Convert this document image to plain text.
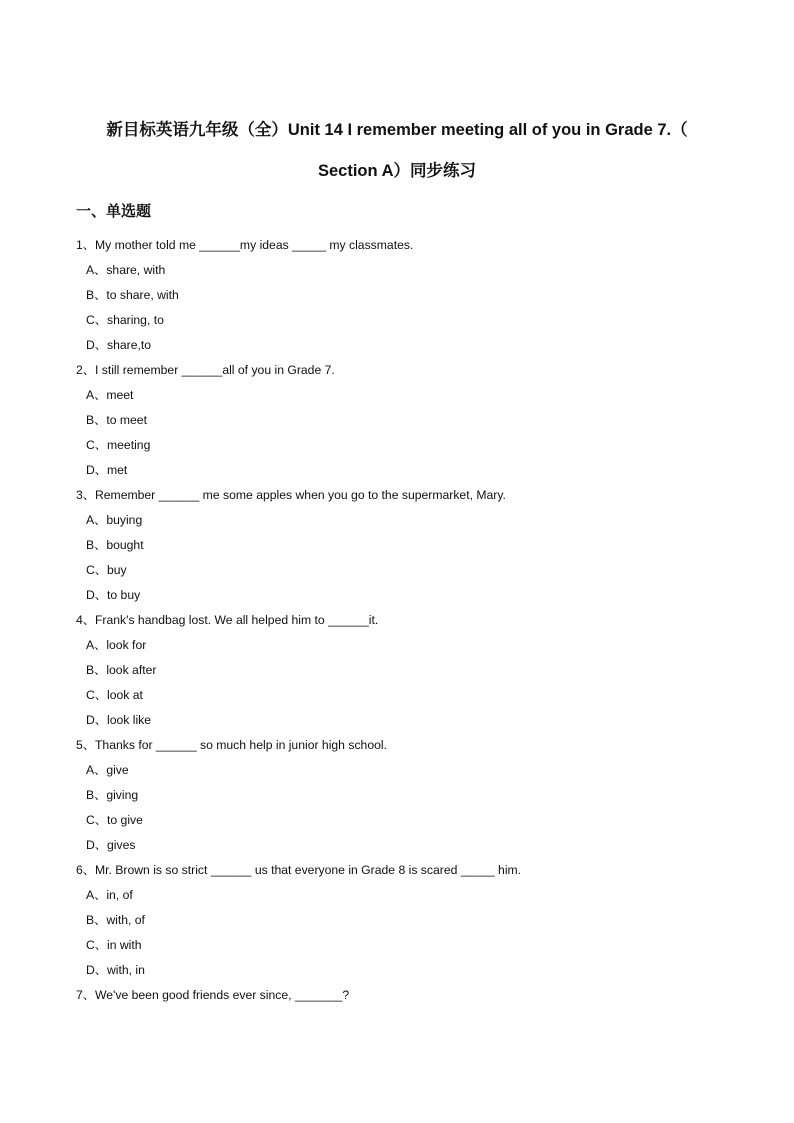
新目标英语九年级（全）Unit 14 I remember meeting all of you in Grade 7.（
Section A）同步练习
一、单选题
1、My mother told me ______my ideas _____ my classmates.
A、share, with
B、to share, with
C、sharing, to
D、share,to
2、I still remember ______all of you in Grade 7.
A、meet
B、to meet
C、meeting
D、met
3、Remember ______ me some apples when you go to the supermarket, Mary.
A、buying
B、bought
C、buy
D、to buy
4、Frank's handbag lost. We all helped him to ______it.
A、look for
B、look after
C、look at
D、look like
5、Thanks for ______ so much help in junior high school.
A、give
B、giving
C、to give
D、gives
6、Mr. Brown is so strict ______ us that everyone in Grade 8 is scared _____ him.
A、in, of
B、with, of
C、in with
D、with, in
7、We've been good friends ever since, _______?
